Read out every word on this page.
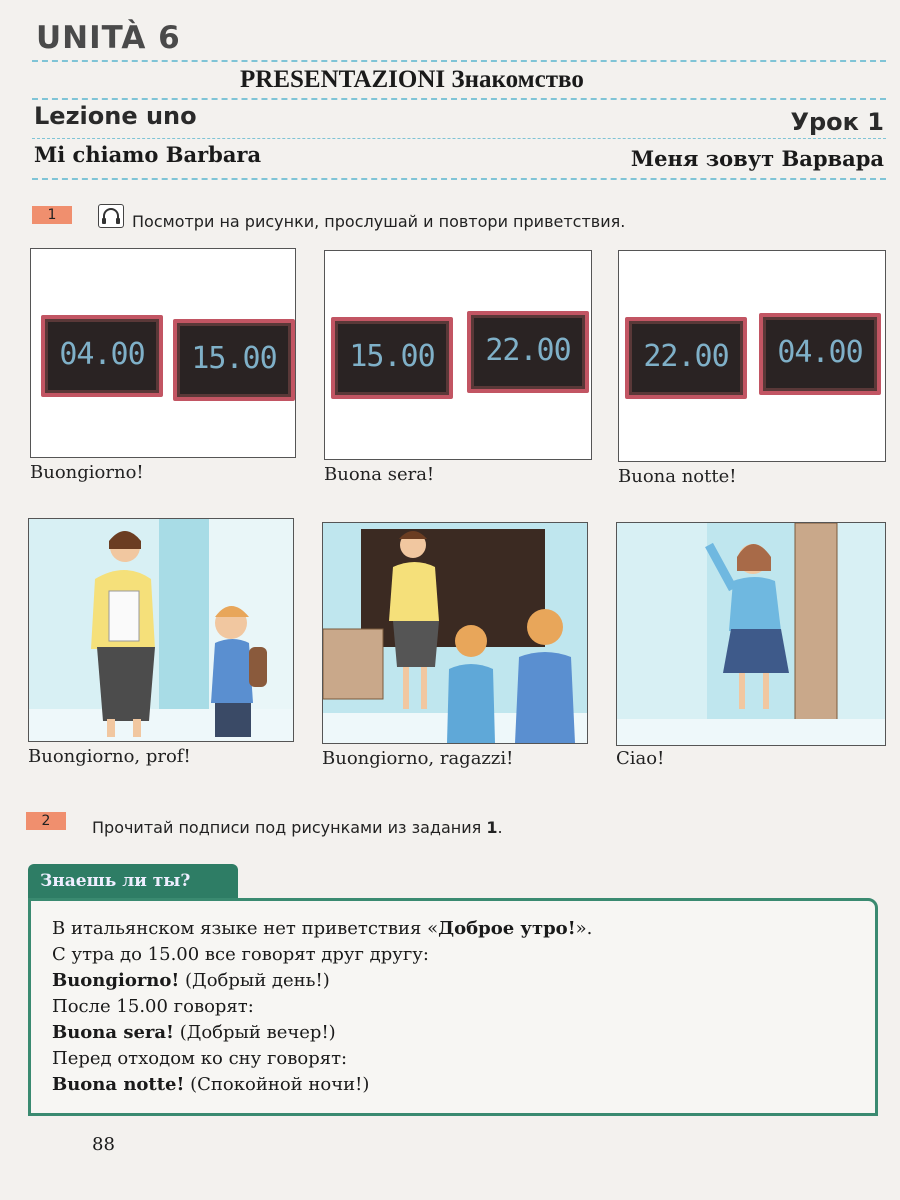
UNITÀ 6
PRESENTAZIONI Знакомство
Lezione uno	Урок 1
Mi chiamo Barbara	Меня зовут Варвара
1	Посмотри на рисунки, прослушай и повтори приветствия.
04.00	15.00
Buongiorno!
15.00	22.00
Buona sera!
22.00	04.00
Buona notte!
Buongiorno, prof!	Buongiorno, ragazzi!	Ciao!
2	Прочитай подписи под рисунками из задания 1.
Знаешь ли ты?
В итальянском языке нет приветствия «Доброе утро!».
С утра до 15.00 все говорят друг другу:
Buongiorno! (Добрый день!)
После 15.00 говорят:
Buona sera! (Добрый вечер!)
Перед отходом ко сну говорят:
Buona notte! (Спокойной ночи!)
88
